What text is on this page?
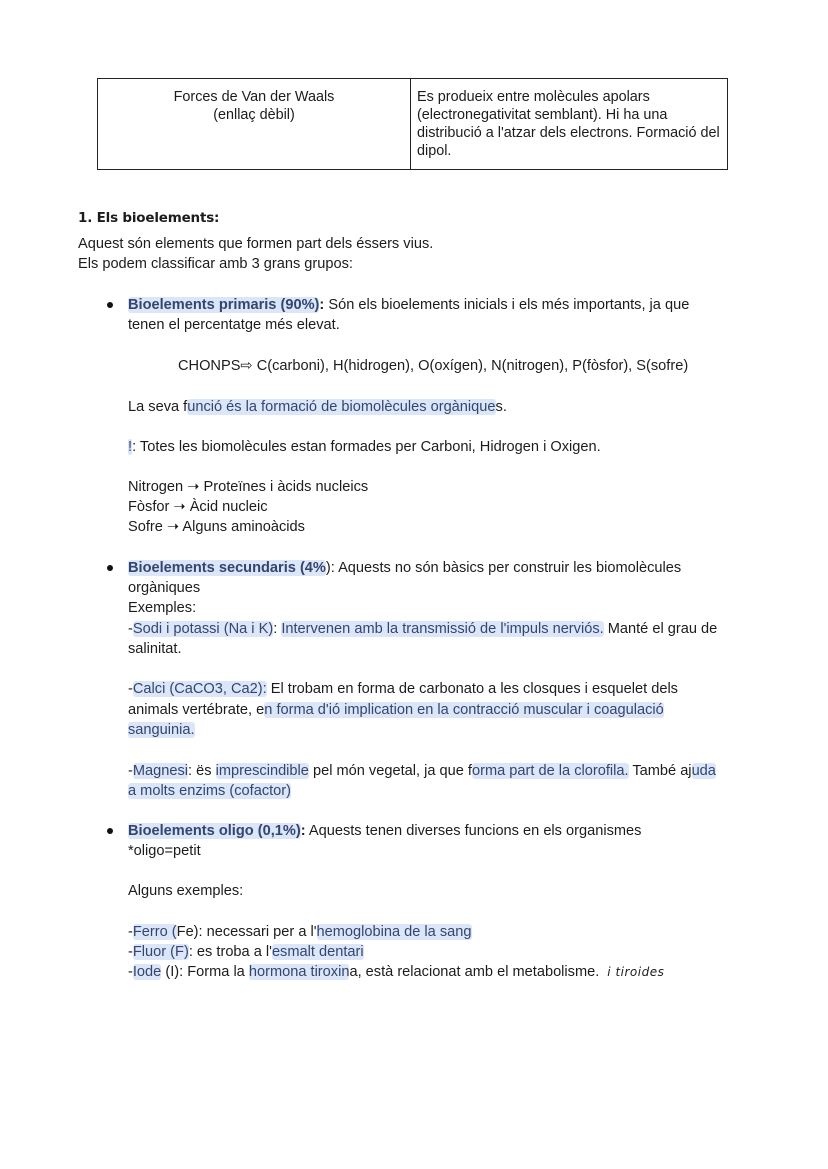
Forces de Van der Waals
(enllaç dèbil)
	Es produeix entre molècules apolars (electronegativitat semblant). Hi ha una distribució a l'atzar dels electrons. Formació del dipol.
1. Els bioelements:
Aquest són elements que formen part dels éssers vius.
Els podem classificar amb 3 grans grupos:
Bioelements primaris (90%): Són els bioelements inicials i els més importants, ja que
tenen el percentatge més elevat.
CHONPS⇨ C(carboni), H(hidrogen), O(oxígen), N(nitrogen), P(fòsfor), S(sofre)
La seva funció és la formació de biomolècules orgàniques.
!: Totes les biomolècules estan formades per Carboni, Hidrogen i Oxigen.
Nitrogen ➝ Proteïnes i àcids nucleics
Fòsfor ➝ Àcid nucleic
Sofre ➝ Alguns aminoàcids
Bioelements secundaris (4%): Aquests no són bàsics per construir les biomolècules
orgàniques
Exemples:
-Sodi i potassi (Na i K): Intervenen amb la transmissió de l'impuls nerviós. Manté el grau de
salinitat.
-Calci (CaCO3, Ca2): El trobam en forma de carbonato a les closques i esquelet dels
animals vertébrate, en forma d'ió implication en la contracció muscular i coagulació
sanguinia.
-Magnesi: ës imprescindible pel món vegetal, ja que forma part de la clorofila. També ajuda
a molts enzims (cofactor)
Bioelements oligo (0,1%): Aquests tenen diverses funcions en els organismes
*oligo=petit
Alguns exemples:
-Ferro (Fe): necessari per a l'hemoglobina de la sang
-Fluor (F): es troba a l'esmalt dentari
-Iode (I): Forma la hormona tiroxina, està relacionat amb el metabolisme. i tiroides
